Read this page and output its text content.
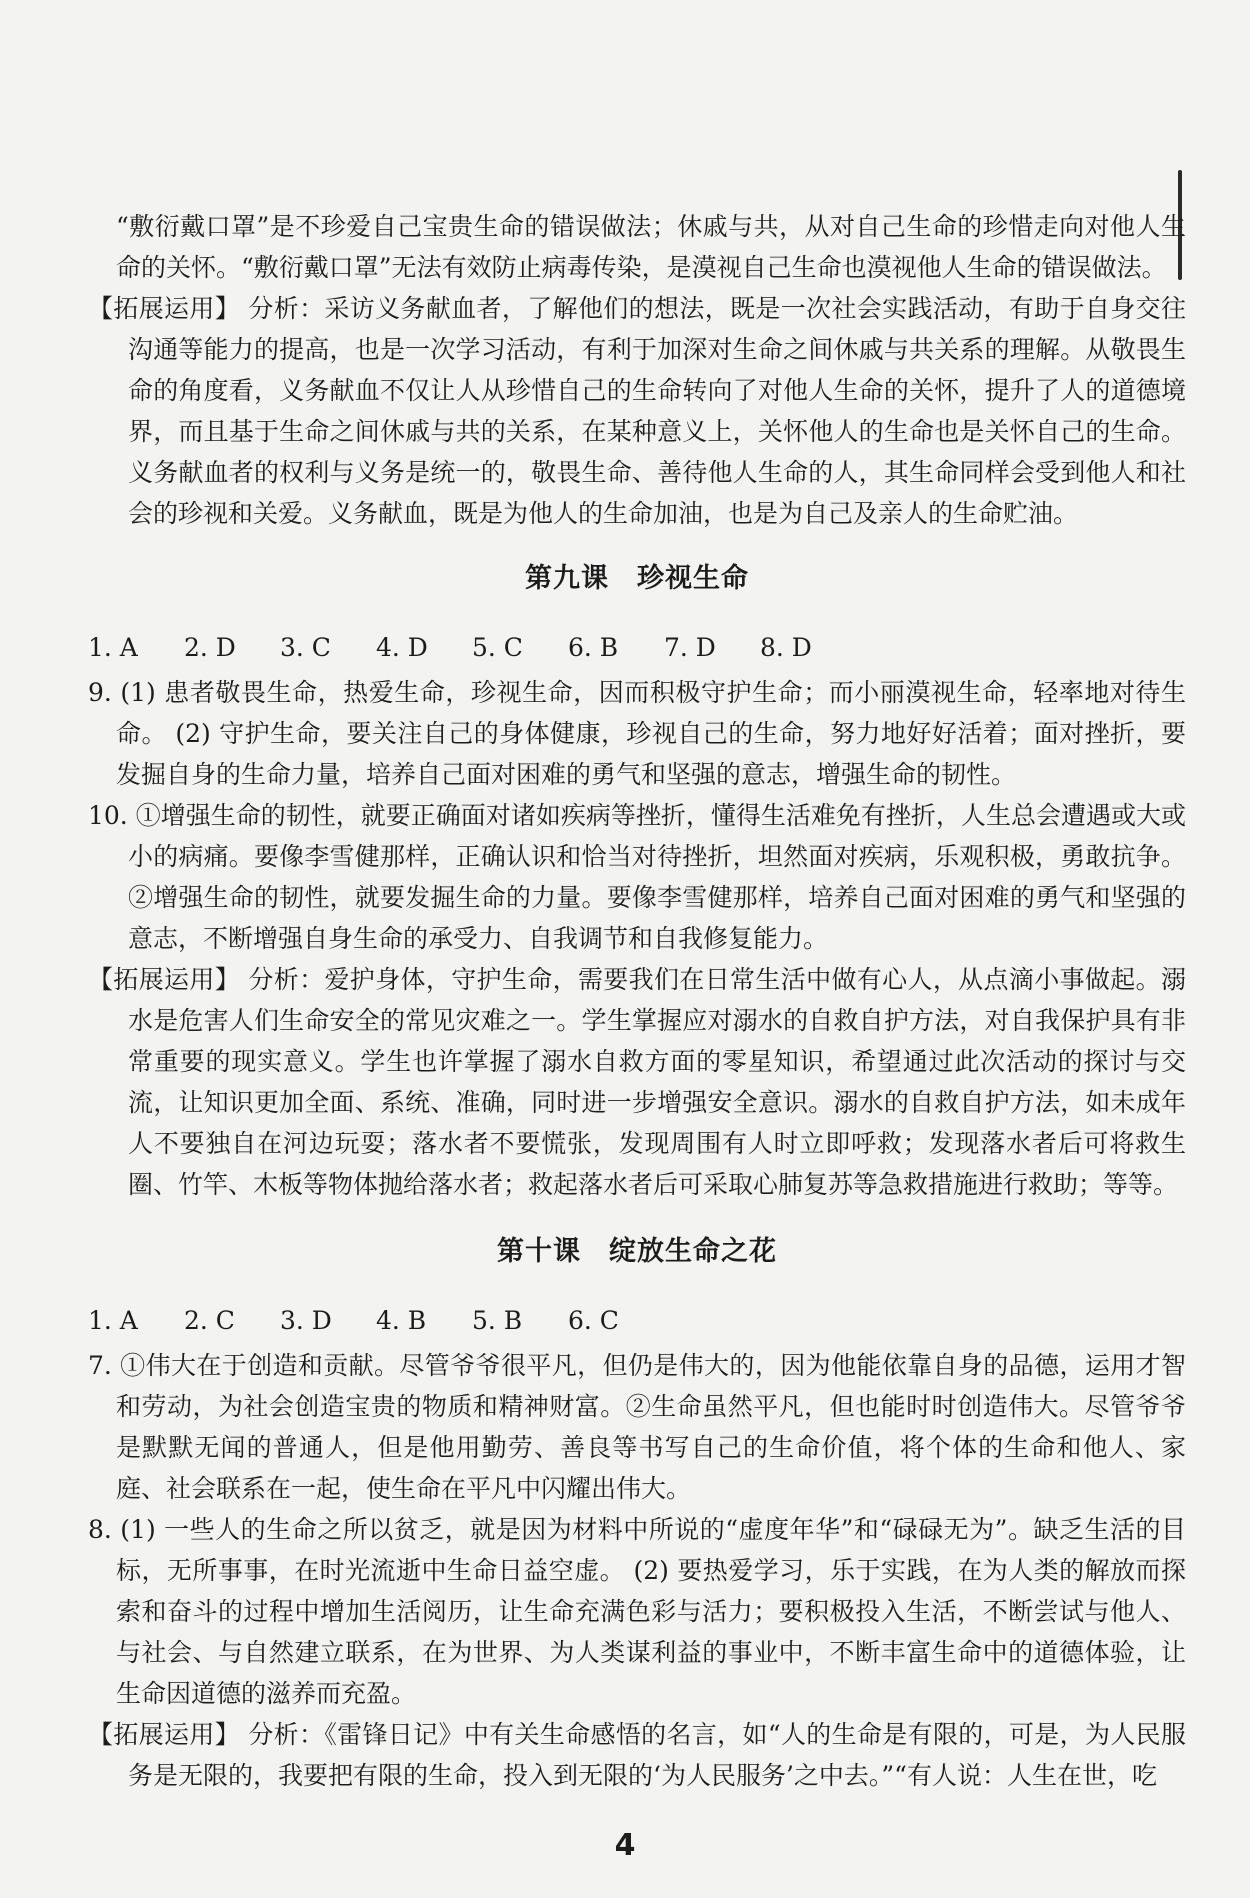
“敷衍戴口罩”是不珍爱自己宝贵生命的错误做法；休戚与共，从对自己生命的珍惜走向对他人生命的关怀。“敷衍戴口罩”无法有效防止病毒传染，是漠视自己生命也漠视他人生命的错误做法。

【拓展运用】 分析：采访义务献血者，了解他们的想法，既是一次社会实践活动，有助于自身交往沟通等能力的提高，也是一次学习活动，有利于加深对生命之间休戚与共关系的理解。从敬畏生命的角度看，义务献血不仅让人从珍惜自己的生命转向了对他人生命的关怀，提升了人的道德境界，而且基于生命之间休戚与共的关系，在某种意义上，关怀他人的生命也是关怀自己的生命。义务献血者的权利与义务是统一的，敬畏生命、善待他人生命的人，其生命同样会受到他人和社会的珍视和关爱。义务献血，既是为他人的生命加油，也是为自己及亲人的生命贮油。

第九课　珍视生命
1. A	2. D	3. C	4. D	5. C	6. B	7. D	8. D

9. (1) 患者敬畏生命，热爱生命，珍视生命，因而积极守护生命；而小丽漠视生命，轻率地对待生命。 (2) 守护生命，要关注自己的身体健康，珍视自己的生命，努力地好好活着；面对挫折，要发掘自身的生命力量，培养自己面对困难的勇气和坚强的意志，增强生命的韧性。

10. ①增强生命的韧性，就要正确面对诸如疾病等挫折，懂得生活难免有挫折，人生总会遭遇或大或小的病痛。要像李雪健那样，正确认识和恰当对待挫折，坦然面对疾病，乐观积极，勇敢抗争。②增强生命的韧性，就要发掘生命的力量。要像李雪健那样，培养自己面对困难的勇气和坚强的意志，不断增强自身生命的承受力、自我调节和自我修复能力。

【拓展运用】 分析：爱护身体，守护生命，需要我们在日常生活中做有心人，从点滴小事做起。溺水是危害人们生命安全的常见灾难之一。学生掌握应对溺水的自救自护方法，对自我保护具有非常重要的现实意义。学生也许掌握了溺水自救方面的零星知识，希望通过此次活动的探讨与交流，让知识更加全面、系统、准确，同时进一步增强安全意识。溺水的自救自护方法，如未成年人不要独自在河边玩耍；落水者不要慌张，发现周围有人时立即呼救；发现落水者后可将救生圈、竹竿、木板等物体抛给落水者；救起落水者后可采取心肺复苏等急救措施进行救助；等等。

第十课　绽放生命之花
1. A	2. C	3. D	4. B	5. B	6. C

7. ①伟大在于创造和贡献。尽管爷爷很平凡，但仍是伟大的，因为他能依靠自身的品德，运用才智和劳动，为社会创造宝贵的物质和精神财富。②生命虽然平凡，但也能时时创造伟大。尽管爷爷是默默无闻的普通人，但是他用勤劳、善良等书写自己的生命价值，将个体的生命和他人、家庭、社会联系在一起，使生命在平凡中闪耀出伟大。

8. (1) 一些人的生命之所以贫乏，就是因为材料中所说的“虚度年华”和“碌碌无为”。缺乏生活的目标，无所事事，在时光流逝中生命日益空虚。 (2) 要热爱学习，乐于实践，在为人类的解放而探索和奋斗的过程中增加生活阅历，让生命充满色彩与活力；要积极投入生活，不断尝试与他人、与社会、与自然建立联系，在为世界、为人类谋利益的事业中，不断丰富生命中的道德体验，让生命因道德的滋养而充盈。

【拓展运用】 分析：《雷锋日记》中有关生命感悟的名言，如“人的生命是有限的，可是，为人民服务是无限的，我要把有限的生命，投入到无限的‘为人民服务’之中去。”“有人说：人生在世，吃

4
